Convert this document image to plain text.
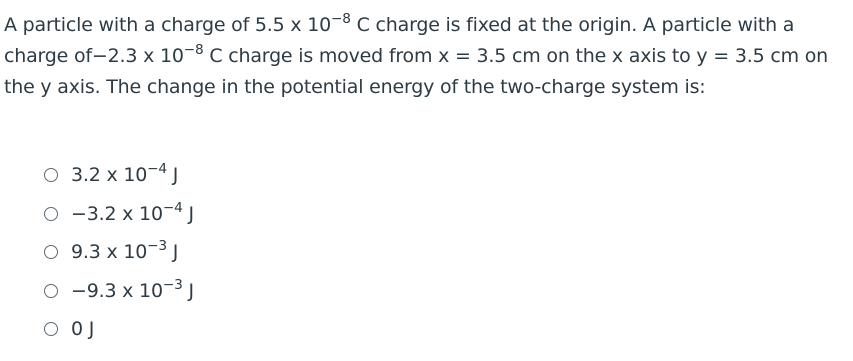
A particle with a charge of 5.5 x $10^{-8}$ C charge is fixed at the origin. A particle with a charge of−2.3 x $10^{-8}$ C charge is moved from x = 3.5 cm on the x axis to y = 3.5 cm on the y axis. The change in the potential energy of the two-charge system is:
3.2 x $10^{-4}$ J
−3.2 x $10^{-4}$ J
9.3 x $10^{-3}$ J
−9.3 x $10^{-3}$ J
0 J
